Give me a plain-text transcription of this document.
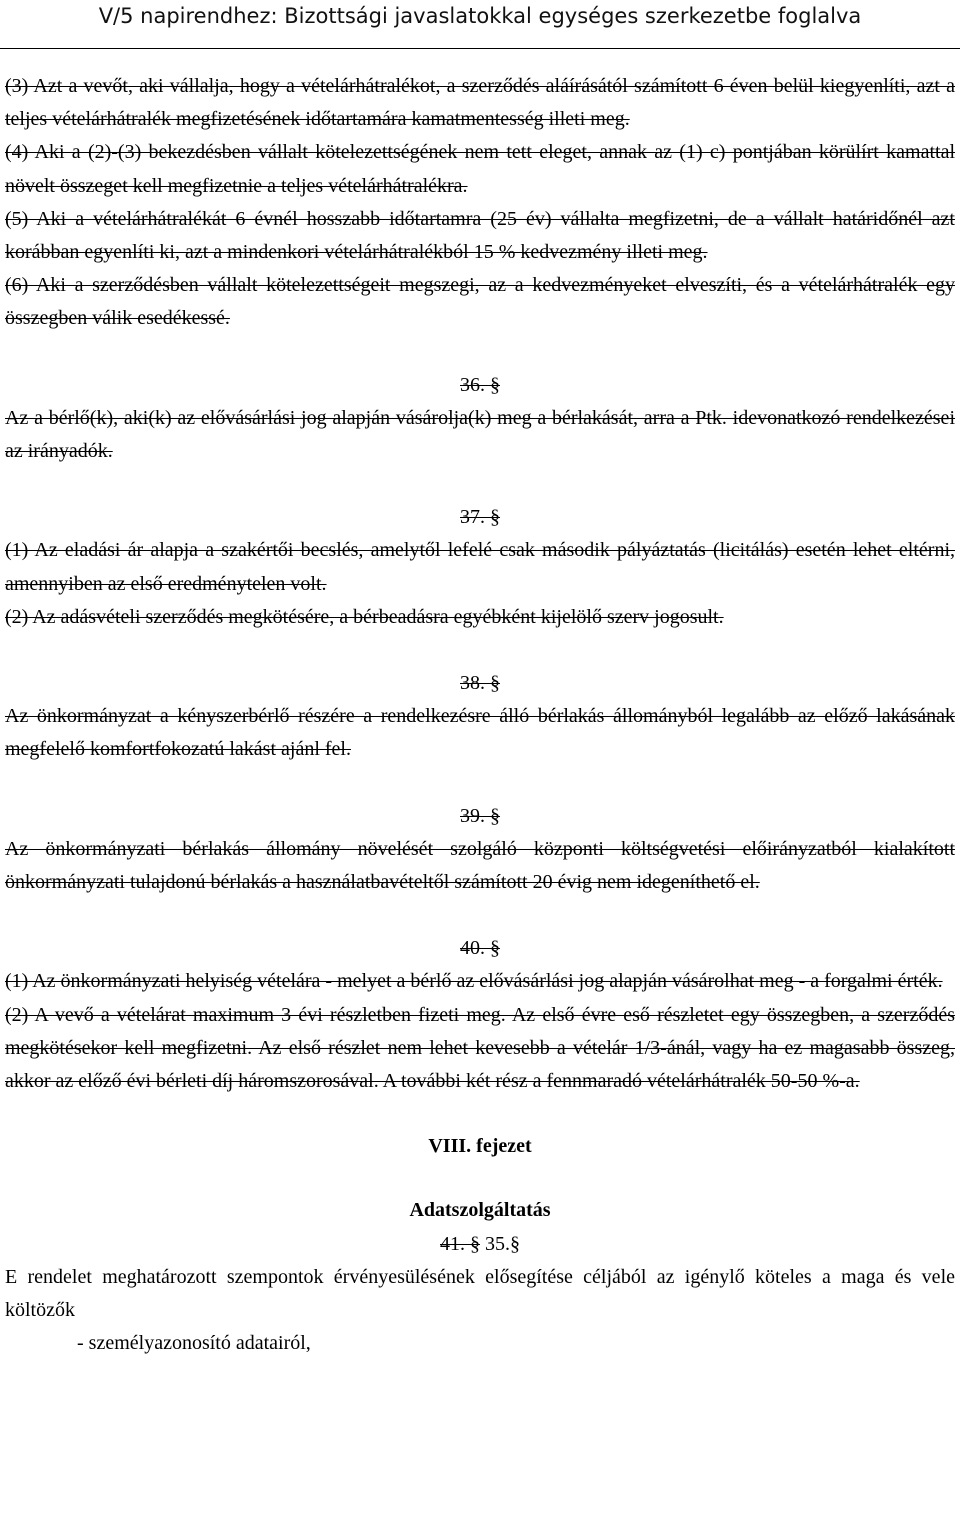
V/5 napirendhez: Bizottsági javaslatokkal egységes szerkezetbe foglalva

(3) Azt a vevőt, aki vállalja, hogy a vételárhátralékot, a szerződés aláírásától számított 6 éven belül kiegyenlíti, azt a teljes vételárhátralék megfizetésének időtartamára kamatmentesség illeti meg.

(4) Aki a (2)-(3) bekezdésben vállalt kötelezettségének nem tett eleget, annak az (1) c) pontjában körülírt kamattal növelt összeget kell megfizetnie a teljes vételárhátralékra.

(5) Aki a vételárhátralékát 6 évnél hosszabb időtartamra (25 év) vállalta megfizetni, de a vállalt határidőnél azt korábban egyenlíti ki, azt a mindenkori vételárhátralékból 15 % kedvezmény illeti meg.

(6) Aki a szerződésben vállalt kötelezettségeit megszegi, az a kedvezményeket elveszíti, és a vételárhátralék egy összegben válik esedékessé.

36. §

Az a bérlő(k), aki(k) az elővásárlási jog alapján vásárolja(k) meg a bérlakását, arra a Ptk. idevonatkozó rendelkezései az irányadók.

37. §

(1) Az eladási ár alapja a szakértői becslés, amelytől lefelé csak második pályáztatás (licitálás) esetén lehet eltérni, amennyiben az első eredménytelen volt.

(2) Az adásvételi szerződés megkötésére, a bérbeadásra egyébként kijelölő szerv jogosult.

38. §

Az önkormányzat a kényszerbérlő részére a rendelkezésre álló bérlakás állományból legalább az előző lakásának megfelelő komfortfokozatú lakást ajánl fel.

39. §

Az önkormányzati bérlakás állomány növelését szolgáló központi költségvetési előirányzatból kialakított önkormányzati tulajdonú bérlakás a használatbavételtől számított 20 évig nem idegeníthető el.

40. §

(1) Az önkormányzati helyiség vételára - melyet a bérlő az elővásárlási jog alapján vásárolhat meg - a forgalmi érték.

(2) A vevő a vételárat maximum 3 évi részletben fizeti meg. Az első évre eső részletet egy összegben, a szerződés megkötésekor kell megfizetni. Az első részlet nem lehet kevesebb a vételár 1/3-ánál, vagy ha ez magasabb összeg, akkor az előző évi bérleti díj háromszorosával. A további két rész a fennmaradó vételárhátralék 50-50 %-a.

VIII. fejezet

Adatszolgáltatás

41. § 35.§

E rendelet meghatározott szempontok érvényesülésének elősegítése céljából az igénylő köteles a maga és vele költözők

- személyazonosító adatairól,
